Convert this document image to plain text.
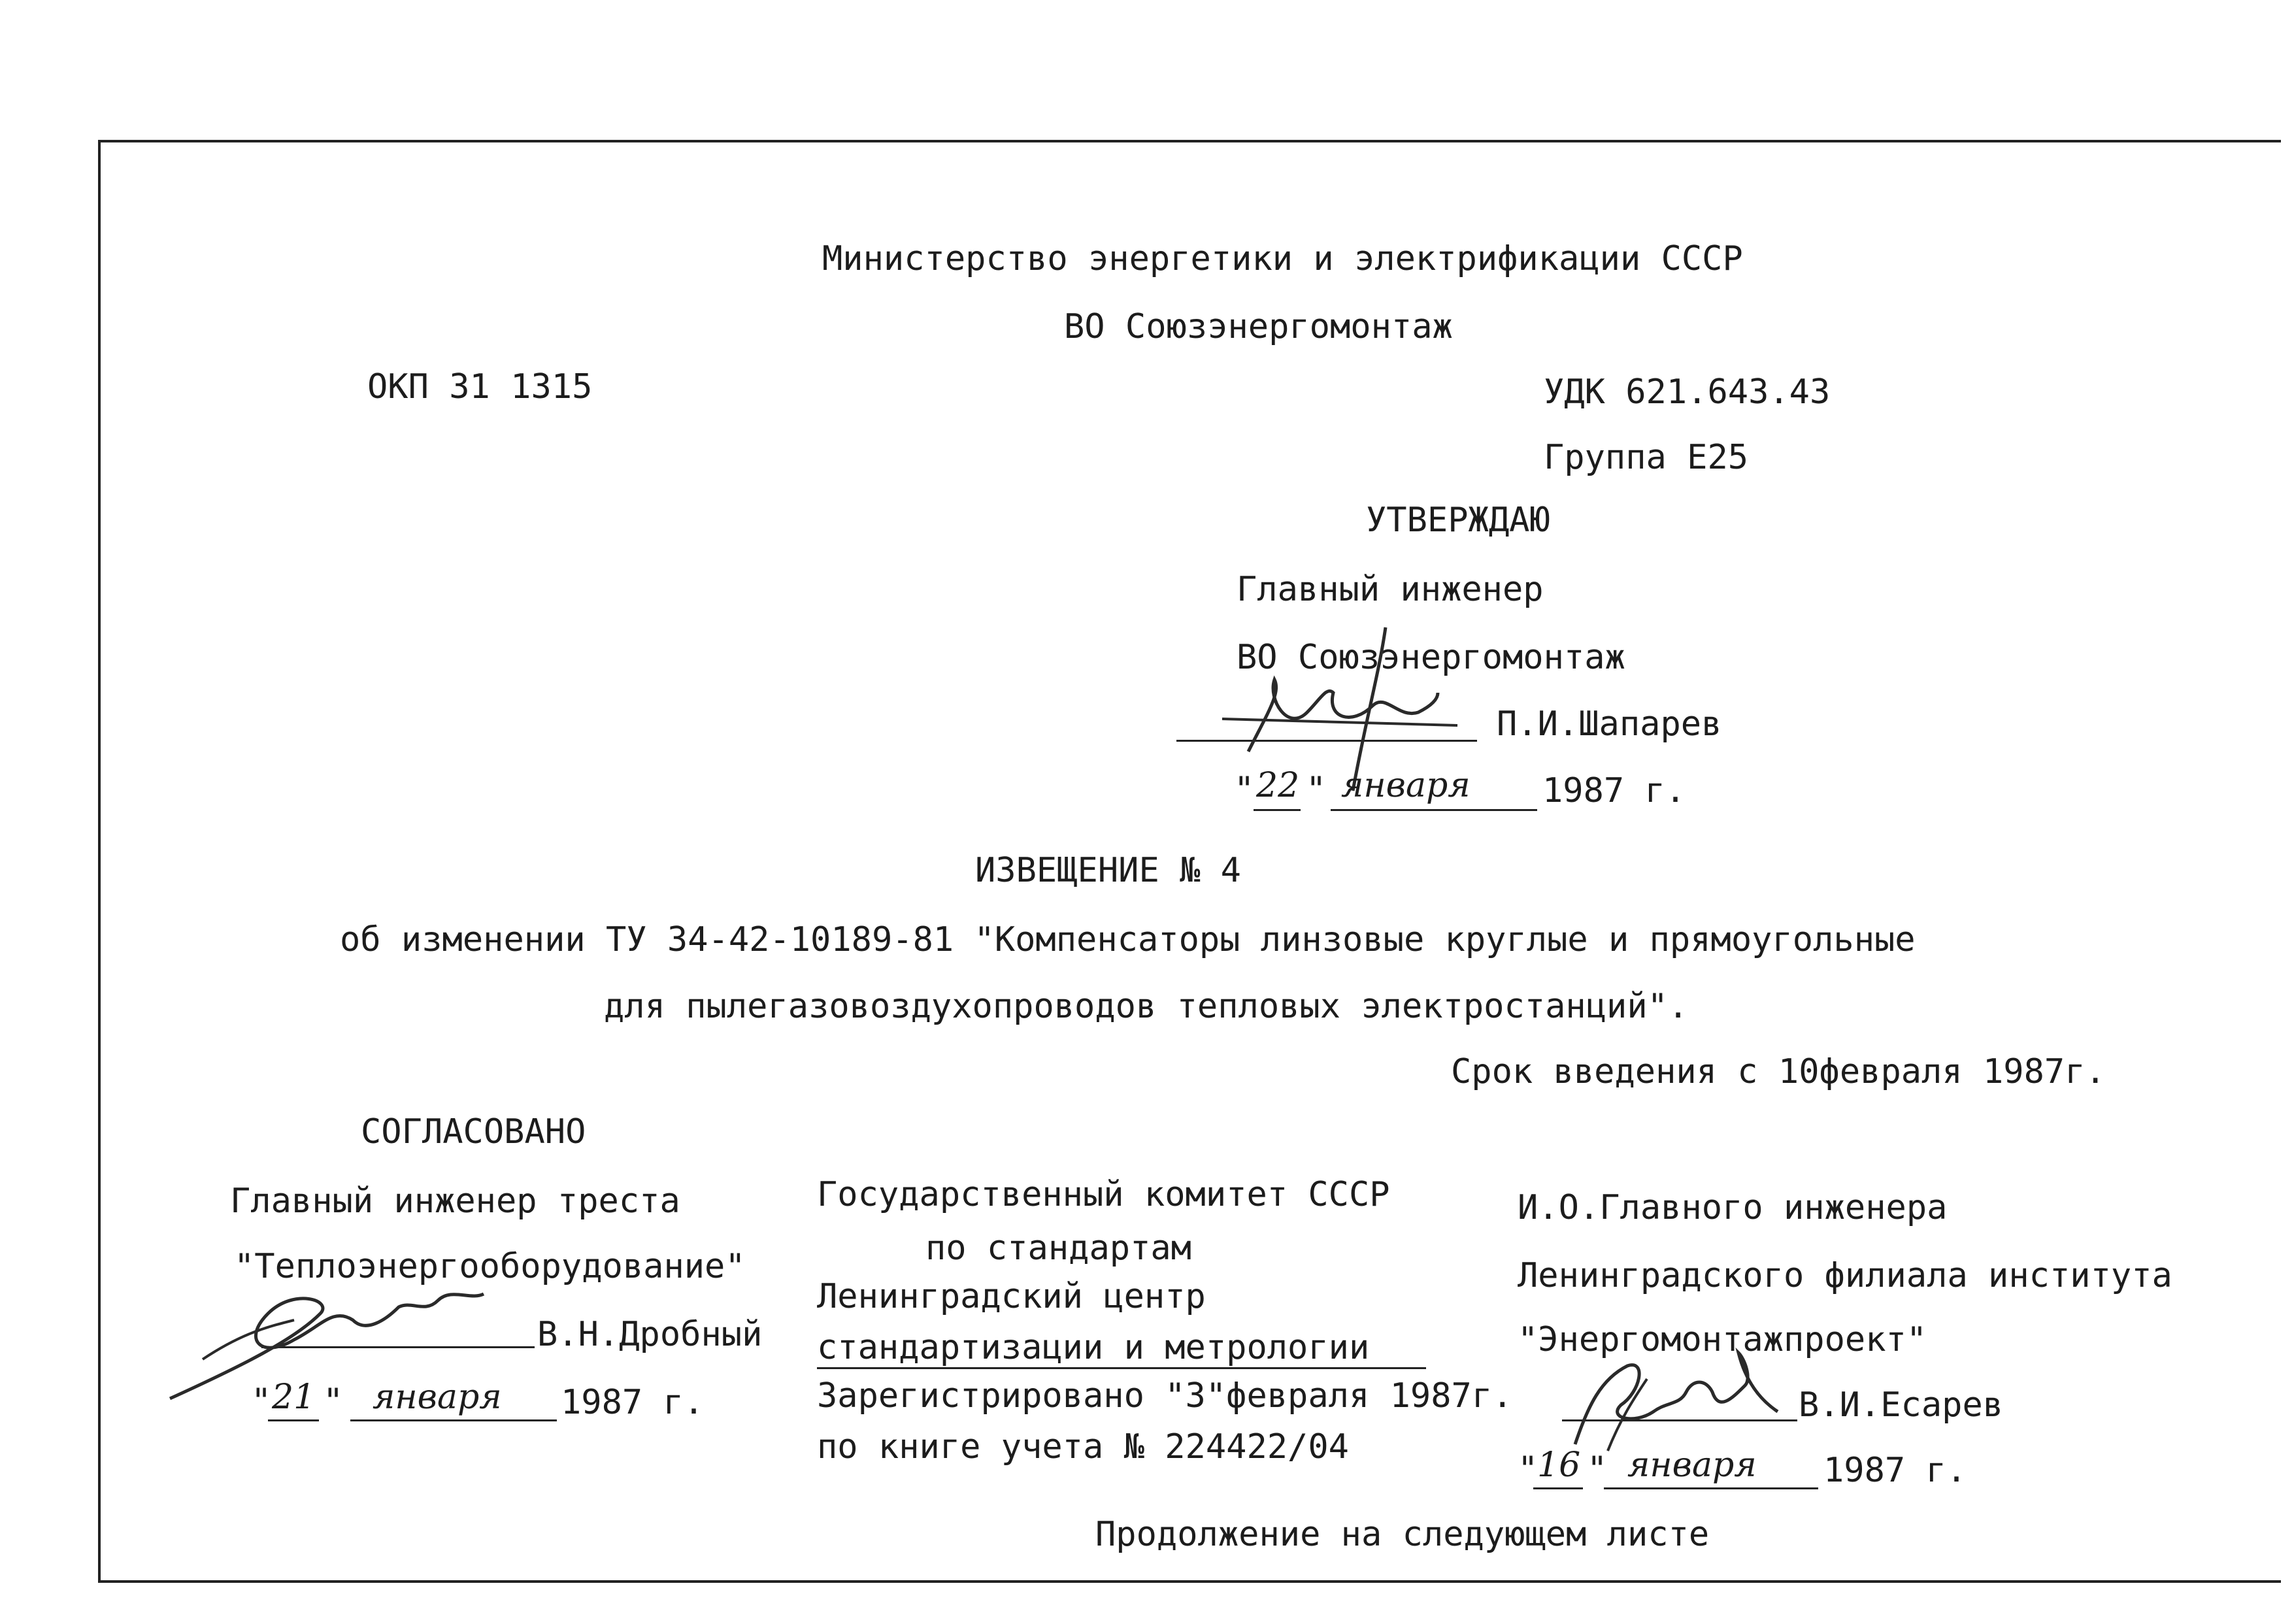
Министерство энергетики и электрификации СССР
ВО Союзэнергомонтаж
ОКП 31 1315	УДК 621.643.43
Группа Е25
УТВЕРЖДАЮ
Главный инженер
ВО Союзэнергомонтаж
П.И.Шапарев
" 22 " января 1987 г.
ИЗВЕЩЕНИЕ № 4
об изменении ТУ 34-42-10189-81 "Компенсаторы линзовые круглые и прямоугольные
для пылегазовоздухопроводов тепловых электростанций".
Срок введения с 10февраля 1987г.
СОГЛАСОВАНО
Главный инженер треста
"Теплоэнергооборудование"
В.Н.Дробный
" 21 " января 1987 г.
Государственный комитет СССР
по стандартам
Ленинградский центр
стандартизации и метрологии
Зарегистрировано "3"февраля 1987г.
по книге учета № 224422/04
И.О.Главного инженера
Ленинградского филиала института
"Энергомонтажпроект"
В.И.Есарев
"
16 " января 1987 г.
Продолжение на следующем листе
